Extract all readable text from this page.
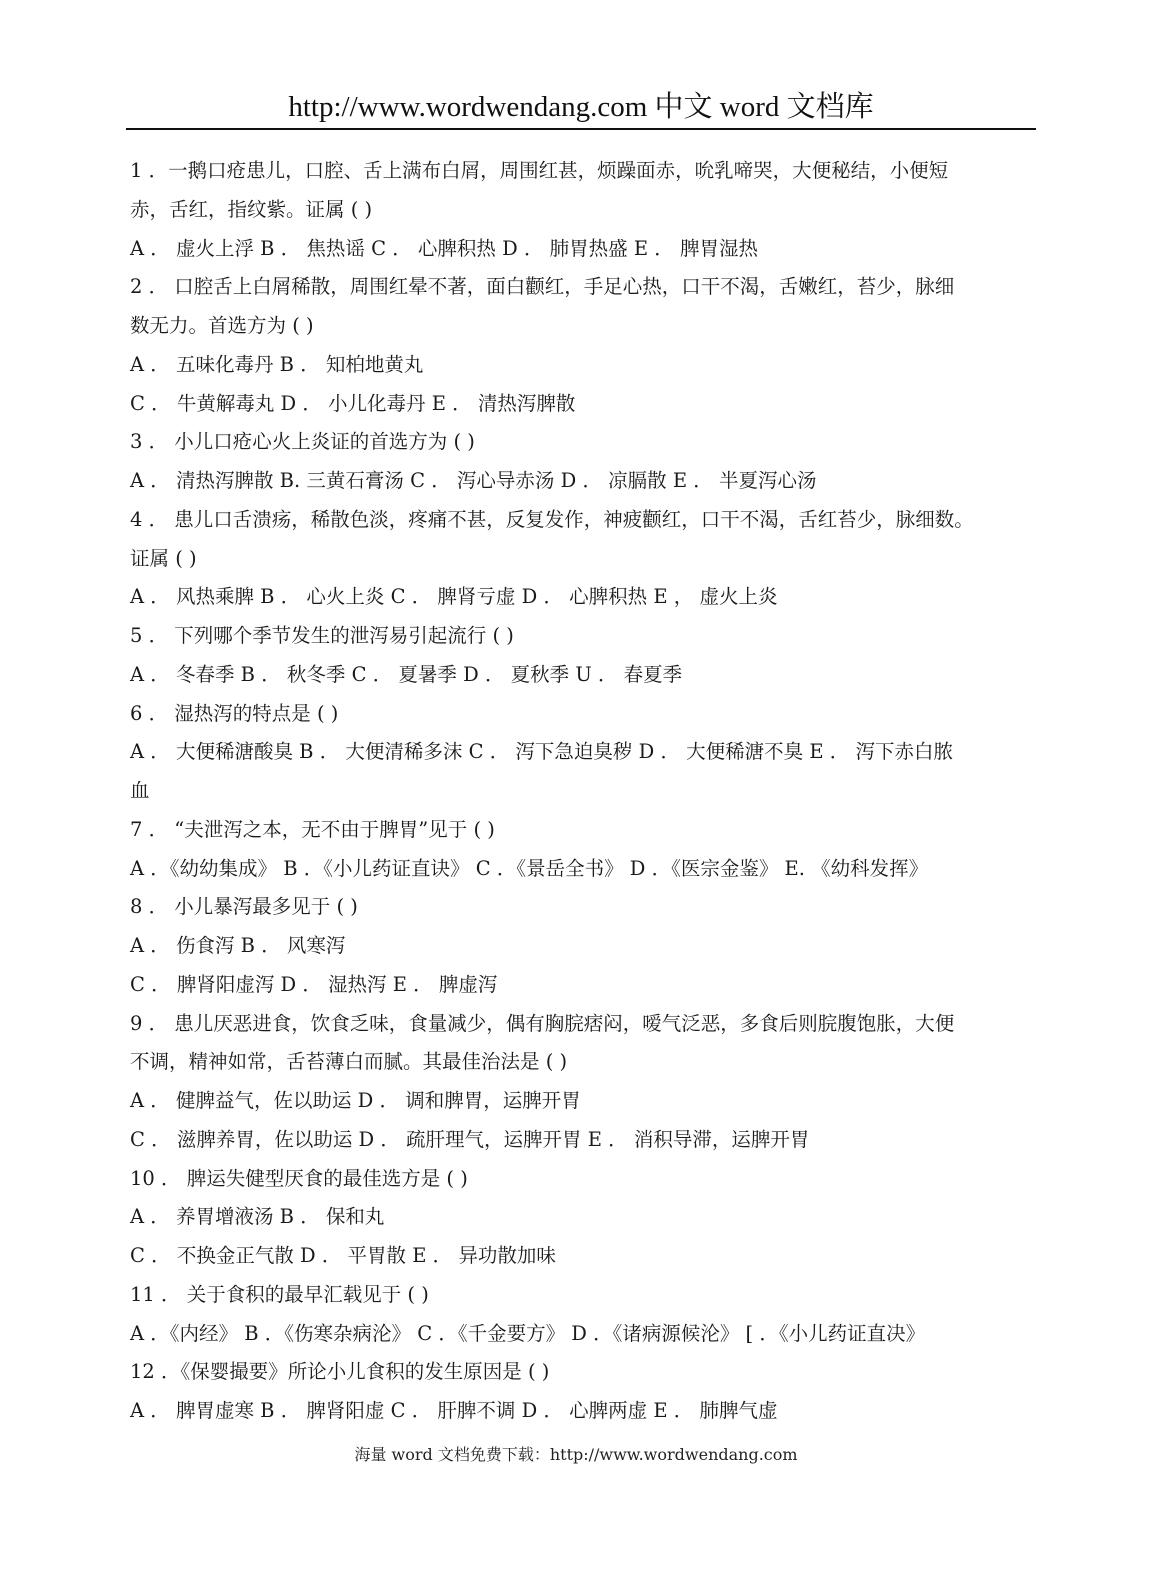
http://www.wordwendang.com 中文 word 文档库
1 ．一鹅口疮患儿，口腔、舌上满布白屑，周围红甚，烦躁面赤，吮乳啼哭，大便秘结，小便短
赤，舌红，指纹紫。证属 ( )
A ． 虚火上浮 B ． 焦热谣 C ． 心脾积热 D ． 肺胃热盛 E ． 脾胃湿热
2 ． 口腔舌上白屑稀散，周围红晕不著，面白颧红，手足心热，口干不渴，舌嫩红，苔少，脉细
数无力。首选方为 ( )
A ． 五味化毒丹 B ． 知柏地黄丸
C ． 牛黄解毒丸 D ． 小儿化毒丹 E ． 清热泻脾散
3 ． 小儿口疮心火上炎证的首选方为 ( )
A ． 清热泻脾散 B. 三黄石膏汤 C ． 泻心导赤汤 D ． 凉膈散 E ． 半夏泻心汤
4 ． 患儿口舌溃疡，稀散色淡，疼痛不甚，反复发作，神疲颧红，口干不渴，舌红苔少，脉细数。
证属 ( )
A ． 风热乘脾 B ． 心火上炎 C ． 脾肾亏虚 D ． 心脾积热 E ， 虚火上炎
5 ． 下列哪个季节发生的泄泻易引起流行 ( )
A ． 冬春季 B ． 秋冬季 C ． 夏暑季 D ． 夏秋季 U ． 春夏季
6 ． 湿热泻的特点是 ( )
A ． 大便稀溏酸臭 B ． 大便清稀多沫 C ． 泻下急迫臭秽 D ． 大便稀溏不臭 E ． 泻下赤白脓
血
7 ． “夫泄泻之本，无不由于脾胃”见于 ( )
A ．《幼幼集成》 B ．《小儿药证直诀》 C ．《景岳全书》 D ．《医宗金鉴》 E. 《幼科发挥》
8 ． 小儿暴泻最多见于 ( )
A ． 伤食泻 B ． 风寒泻
C ． 脾肾阳虚泻 D ． 湿热泻 E ． 脾虚泻
9 ． 患儿厌恶进食，饮食乏味，食量减少，偶有胸脘痞闷，嗳气泛恶，多食后则脘腹饱胀，大便
不调，精神如常，舌苔薄白而腻。其最佳治法是 ( )
A ． 健脾益气，佐以助运 D ． 调和脾胃，运脾开胃
C ． 滋脾养胃，佐以助运 D ． 疏肝理气，运脾开胃 E ． 消积导滞，运脾开胃
10 ． 脾运失健型厌食的最佳选方是 ( )
A ． 养胃增液汤 B ． 保和丸
C ． 不换金正气散 D ． 平胃散 E ． 异功散加味
11 ． 关于食积的最早汇载见于 ( )
A ．《内经》 B ．《伤寒杂病沦》 C ．《千金要方》 D ．《诸病源候沦》 [ ．《小儿药证直决》
12 ．《保婴撮要》所论小儿食积的发生原因是 ( )
A ． 脾胃虚寒 B ． 脾肾阳虚 C ． 肝脾不调 D ． 心脾两虚 E ． 肺脾气虚
海量 word 文档免费下载：http://www.wordwendang.com
